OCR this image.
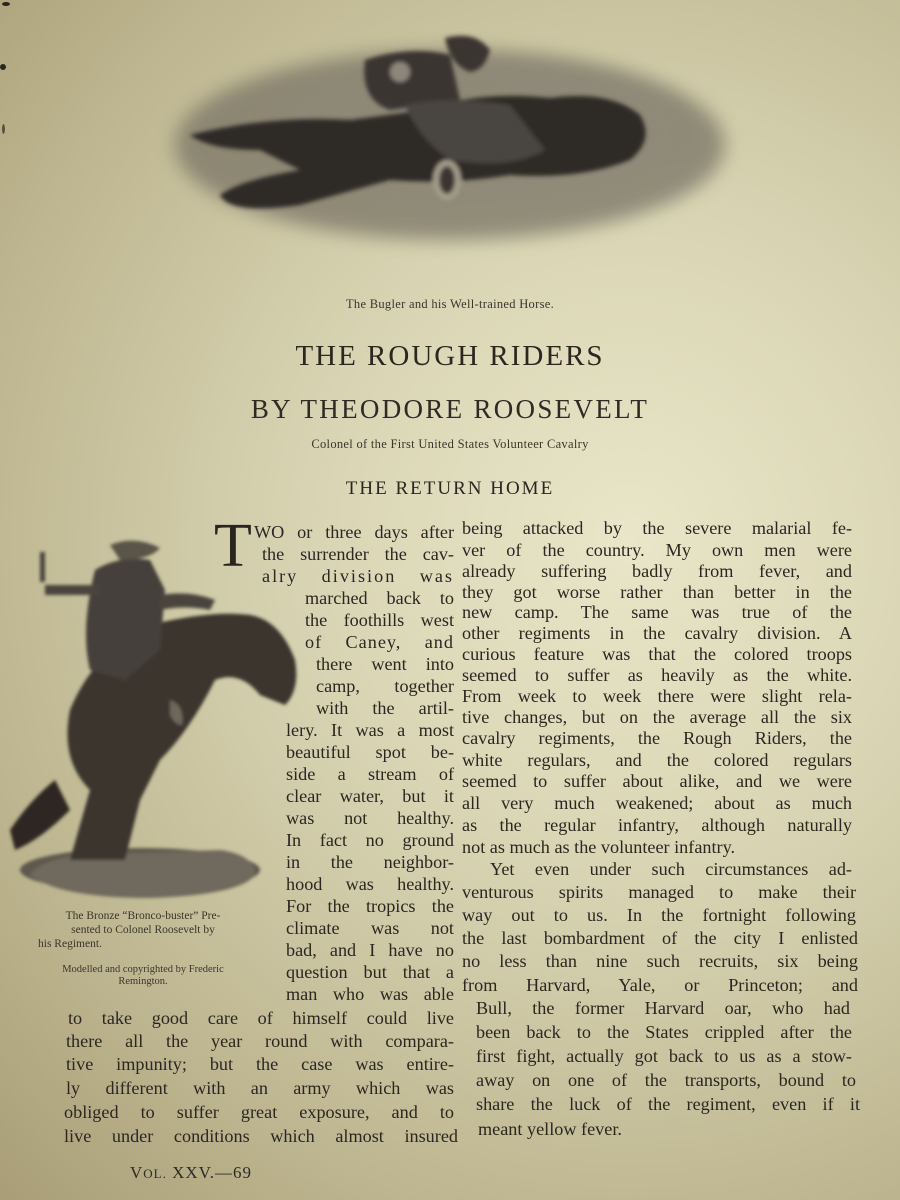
The Bugler and his Well-trained Horse.
THE ROUGH RIDERS
BY THEODORE ROOSEVELT
Colonel of the First United States Volunteer Cavalry
THE RETURN HOME
The Bronze “Bronco-buster” Pre-
sented to Colonel Roosevelt by
his Regiment.
Modelled and copyrighted by Frederic
Remington.
T WO or three days after
the surrender the cav-
alry division was
marched back to
the foothills west
of Caney, and
there went into
camp, together
with the artil-
lery. It was a most
beautiful spot be-
side a stream of
clear water, but it
was not healthy.
In fact no ground
in the neighbor-
hood was healthy.
For the tropics the
climate was not
bad, and I have no
question but that a
man who was able
to take good care of himself could live
there all the year round with compara-
tive impunity; but the case was entire-
ly different with an army which was
obliged to suffer great exposure, and to
live under conditions which almost insured
being attacked by the severe malarial fe-
ver of the country. My own men were
already suffering badly from fever, and
they got worse rather than better in the
new camp. The same was true of the
other regiments in the cavalry division. A
curious feature was that the colored troops
seemed to suffer as heavily as the white.
From week to week there were slight rela-
tive changes, but on the average all the six
cavalry regiments, the Rough Riders, the
white regulars, and the colored regulars
seemed to suffer about alike, and we were
all very much weakened; about as much
as the regular infantry, although naturally
not as much as the volunteer infantry.
Yet even under such circumstances ad-
venturous spirits managed to make their
way out to us. In the fortnight following
the last bombardment of the city I enlisted
no less than nine such recruits, six being
from Harvard, Yale, or Princeton; and
Bull, the former Harvard oar, who had
been back to the States crippled after the
first fight, actually got back to us as a stow-
away on one of the transports, bound to
share the luck of the regiment, even if it
meant yellow fever.
VOL. XXV.—69
